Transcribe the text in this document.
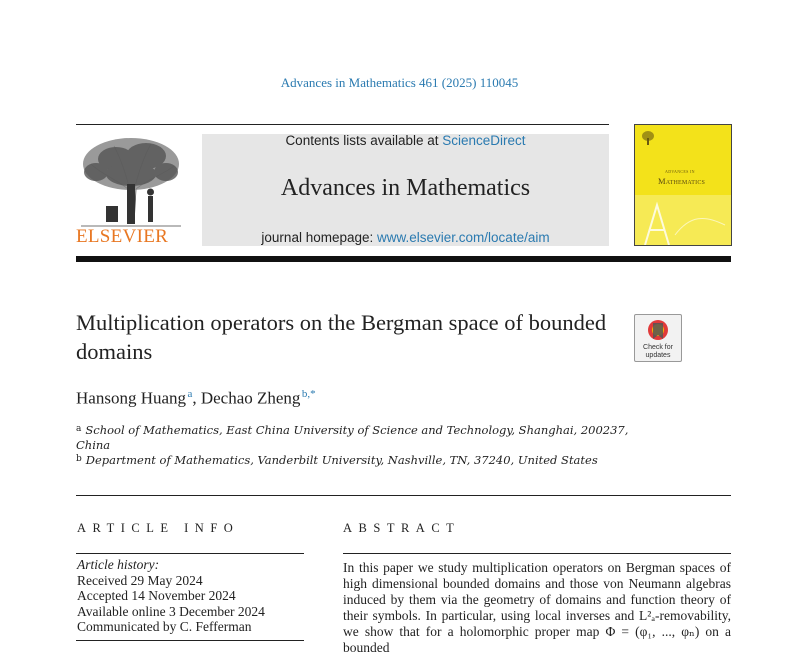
Advances in Mathematics 461 (2025) 110045
ELSEVIER
Contents lists available at ScienceDirect
Advances in Mathematics
journal homepage: www.elsevier.com/locate/aim
ADVANCES IN
Mathematics
Multiplication operators on the Bergman space of bounded domains	Check for updates
Hansong Huang $^a$, Dechao Zheng $^{b,*}$
$^a$ School of Mathematics, East China University of Science and Technology, Shanghai, 200237, China
$^b$ Department of Mathematics, Vanderbilt University, Nashville, TN, 37240, United States
ARTICLE INFO	ABSTRACT
Article history:
Received 29 May 2024
Accepted 14 November 2024
Available online 3 December 2024
Communicated by C. Fefferman
In this paper we study multiplication operators on Bergman spaces of high dimensional bounded domains and those von Neumann algebras induced by them via the geometry of domains and function theory of their symbols. In particular, using local inverses and L²ₐ-removability, we show that for a holomorphic proper map Φ = (φ₁, ..., φₙ) on a bounded
